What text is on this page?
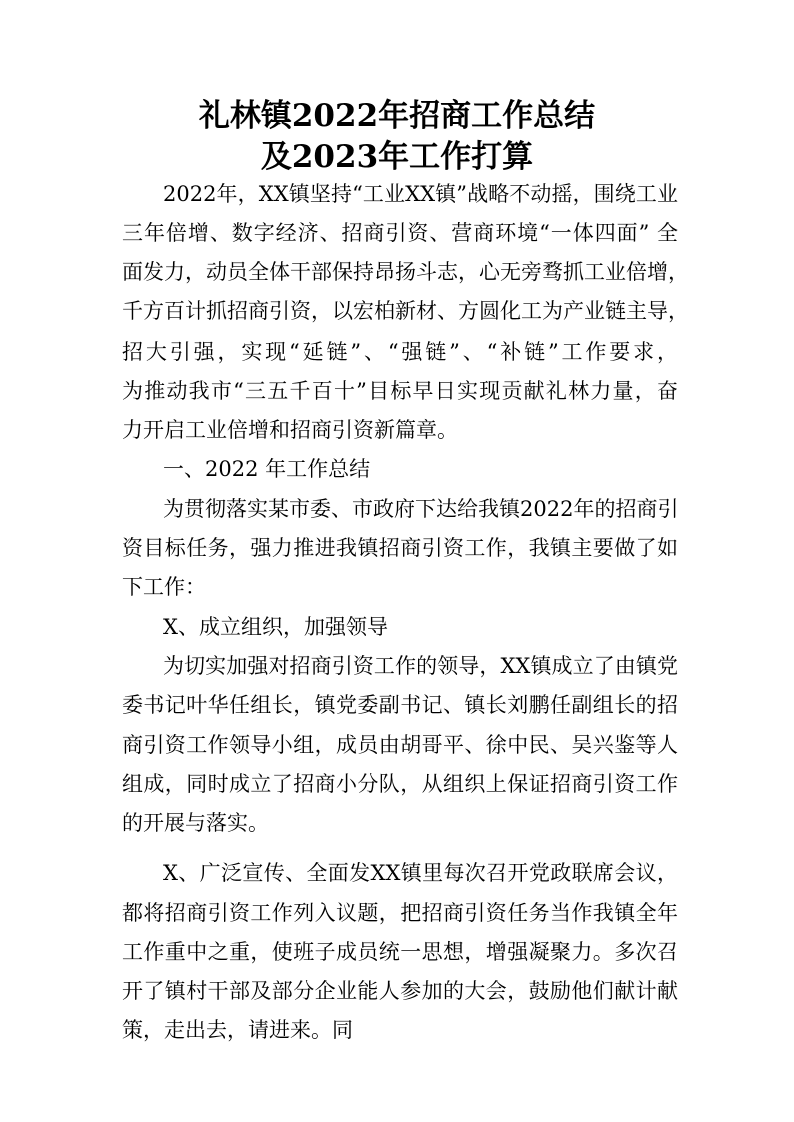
礼林镇2022年招商工作总结
及2023年工作打算
2022年，XX镇坚持“工业XX镇”战略不动摇，围绕工业
三年倍增、数字经济、招商引资、营商环境“一体四面” 全
面发力，动员全体干部保持昂扬斗志，心无旁骛抓工业倍增，
千方百计抓招商引资，以宏柏新材、方圆化工为产业链主导，
招大引强，实现“延链”、“强链”、“补链”工作要求，
为推动我市“三五千百十”目标早日实现贡献礼林力量，奋
力开启工业倍增和招商引资新篇章。
一、2022 年工作总结
为贯彻落实某市委、市政府下达给我镇2022年的招商引
资目标任务，强力推进我镇招商引资工作，我镇主要做了如
下工作：
X、成立组织，加强领导
为切实加强对招商引资工作的领导，XX镇成立了由镇党
委书记叶华任组长，镇党委副书记、镇长刘鹏任副组长的招
商引资工作领导小组，成员由胡哥平、徐中民、吴兴鉴等人
组成，同时成立了招商小分队，从组织上保证招商引资工作
的开展与落实。
X、广泛宣传、全面发XX镇里每次召开党政联席会议，
都将招商引资工作列入议题，把招商引资任务当作我镇全年
工作重中之重，使班子成员统一思想，增强凝聚力。多次召
开了镇村干部及部分企业能人参加的大会，鼓励他们献计献
策，走出去，请进来。同
